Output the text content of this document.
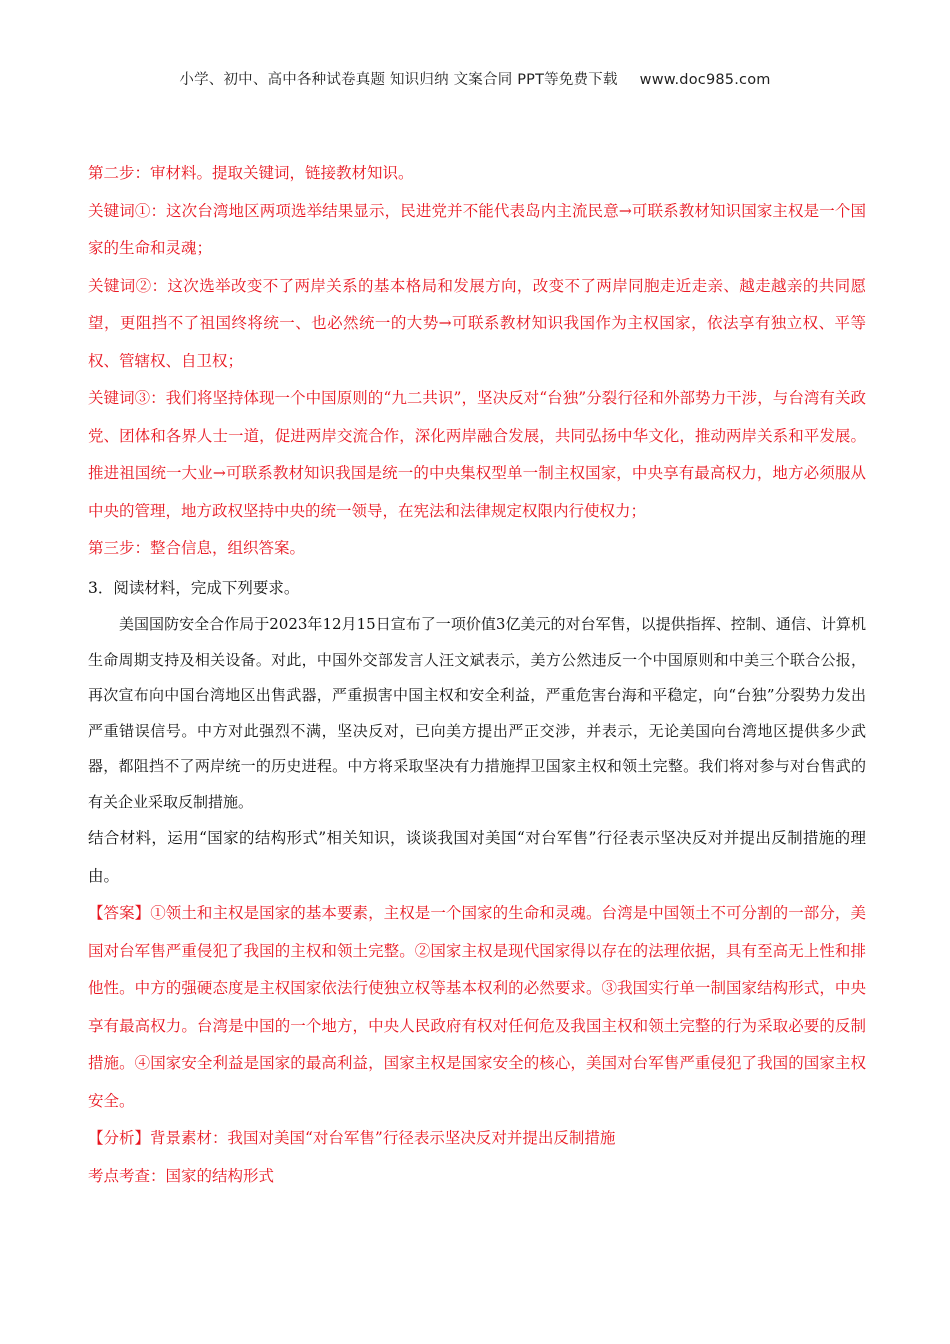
小学、初中、高中各种试卷真题 知识归纳 文案合同 PPT等免费下载 www.doc985.com

第二步：审材料。提取关键词，链接教材知识。

关键词①：这次台湾地区两项选举结果显示，民进党并不能代表岛内主流民意→可联系教材知识国家主权是一个国家的生命和灵魂；

关键词②：这次选举改变不了两岸关系的基本格局和发展方向，改变不了两岸同胞走近走亲、越走越亲的共同愿望，更阻挡不了祖国终将统一、也必然统一的大势→可联系教材知识我国作为主权国家，依法享有独立权、平等权、管辖权、自卫权；

关键词③：我们将坚持体现一个中国原则的“九二共识”，坚决反对“台独”分裂行径和外部势力干涉，与台湾有关政党、团体和各界人士一道，促进两岸交流合作，深化两岸融合发展，共同弘扬中华文化，推动两岸关系和平发展。推进祖国统一大业→可联系教材知识我国是统一的中央集权型单一制主权国家，中央享有最高权力，地方必须服从中央的管理，地方政权坚持中央的统一领导，在宪法和法律规定权限内行使权力；

第三步：整合信息，组织答案。

3．阅读材料，完成下列要求。

美国国防安全合作局于2023年12月15日宣布了一项价值3亿美元的对台军售，以提供指挥、控制、通信、计算机生命周期支持及相关设备。对此，中国外交部发言人汪文斌表示，美方公然违反一个中国原则和中美三个联合公报，再次宣布向中国台湾地区出售武器，严重损害中国主权和安全利益，严重危害台海和平稳定，向“台独”分裂势力发出严重错误信号。中方对此强烈不满，坚决反对，已向美方提出严正交涉，并表示，无论美国向台湾地区提供多少武器，都阻挡不了两岸统一的历史进程。中方将采取坚决有力措施捍卫国家主权和领土完整。我们将对参与对台售武的有关企业采取反制措施。

结合材料，运用“国家的结构形式”相关知识，谈谈我国对美国“对台军售”行径表示坚决反对并提出反制措施的理由。

【答案】①领土和主权是国家的基本要素，主权是一个国家的生命和灵魂。台湾是中国领土不可分割的一部分，美国对台军售严重侵犯了我国的主权和领土完整。②国家主权是现代国家得以存在的法理依据，具有至高无上性和排他性。中方的强硬态度是主权国家依法行使独立权等基本权利的必然要求。③我国实行单一制国家结构形式，中央享有最高权力。台湾是中国的一个地方，中央人民政府有权对任何危及我国主权和领土完整的行为采取必要的反制措施。④国家安全利益是国家的最高利益，国家主权是国家安全的核心，美国对台军售严重侵犯了我国的国家主权安全。

【分析】背景素材：我国对美国“对台军售”行径表示坚决反对并提出反制措施

考点考查：国家的结构形式
